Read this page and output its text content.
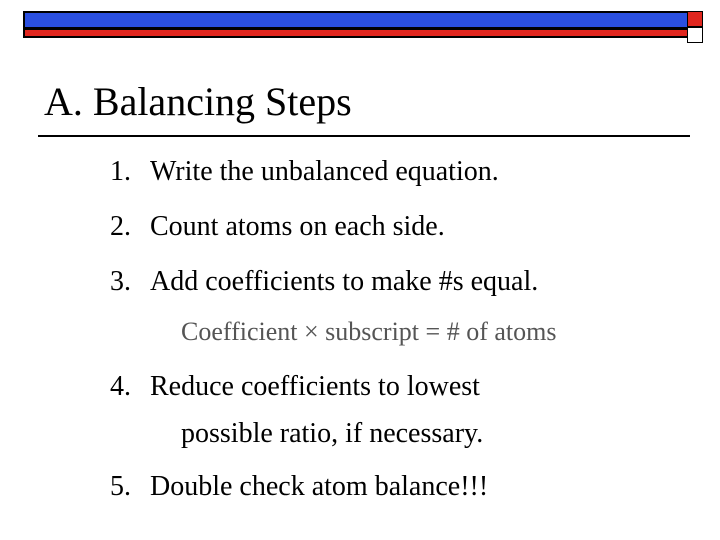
A. Balancing Steps
1. Write the unbalanced equation.
2. Count atoms on each side.
3. Add coefficients to make #s equal.
Coefficient × subscript = # of atoms
4. Reduce coefficients to lowest
possible ratio, if necessary.
5. Double check atom balance!!!
